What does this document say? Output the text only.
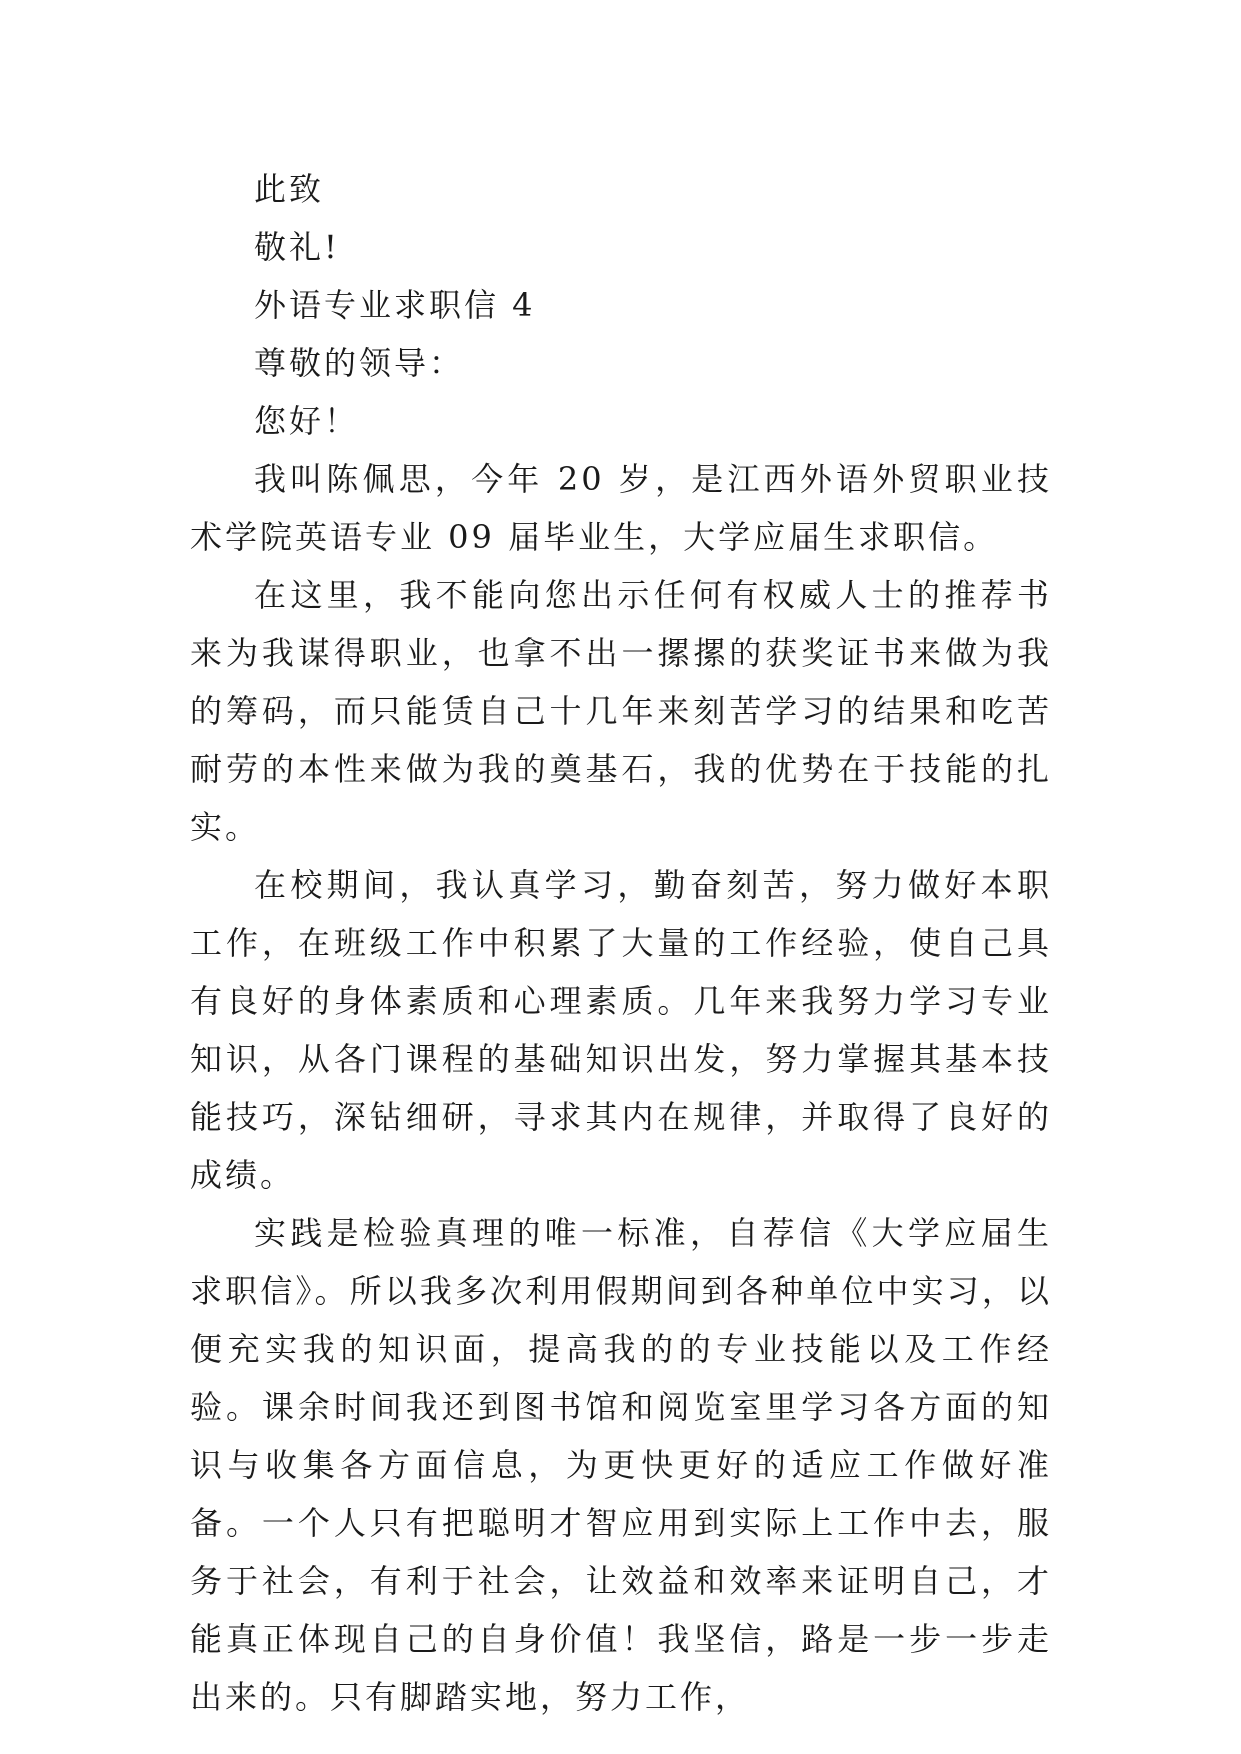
此致

敬礼!

外语专业求职信 4

尊敬的领导：

您好！

我叫陈佩思，今年 20 岁，是江西外语外贸职业技术学院英语专业 09 届毕业生，大学应届生求职信。

在这里，我不能向您出示任何有权威人士的推荐书来为我谋得职业，也拿不出一摞摞的获奖证书来做为我的筹码，而只能赁自己十几年来刻苦学习的结果和吃苦耐劳的本性来做为我的奠基石，我的优势在于技能的扎实。

在校期间，我认真学习，勤奋刻苦，努力做好本职工作，在班级工作中积累了大量的工作经验，使自己具有良好的身体素质和心理素质。几年来我努力学习专业知识，从各门课程的基础知识出发，努力掌握其基本技能技巧，深钻细研，寻求其内在规律，并取得了良好的成绩。

实践是检验真理的唯一标准，自荐信《大学应届生求职信》。所以我多次利用假期间到各种单位中实习，以便充实我的知识面，提高我的的专业技能以及工作经验。课余时间我还到图书馆和阅览室里学习各方面的知识与收集各方面信息，为更快更好的适应工作做好准备。一个人只有把聪明才智应用到实际上工作中去，服务于社会，有利于社会，让效益和效率来证明自己，才能真正体现自己的自身价值！我坚信，路是一步一步走出来的。只有脚踏实地，努力工作，
